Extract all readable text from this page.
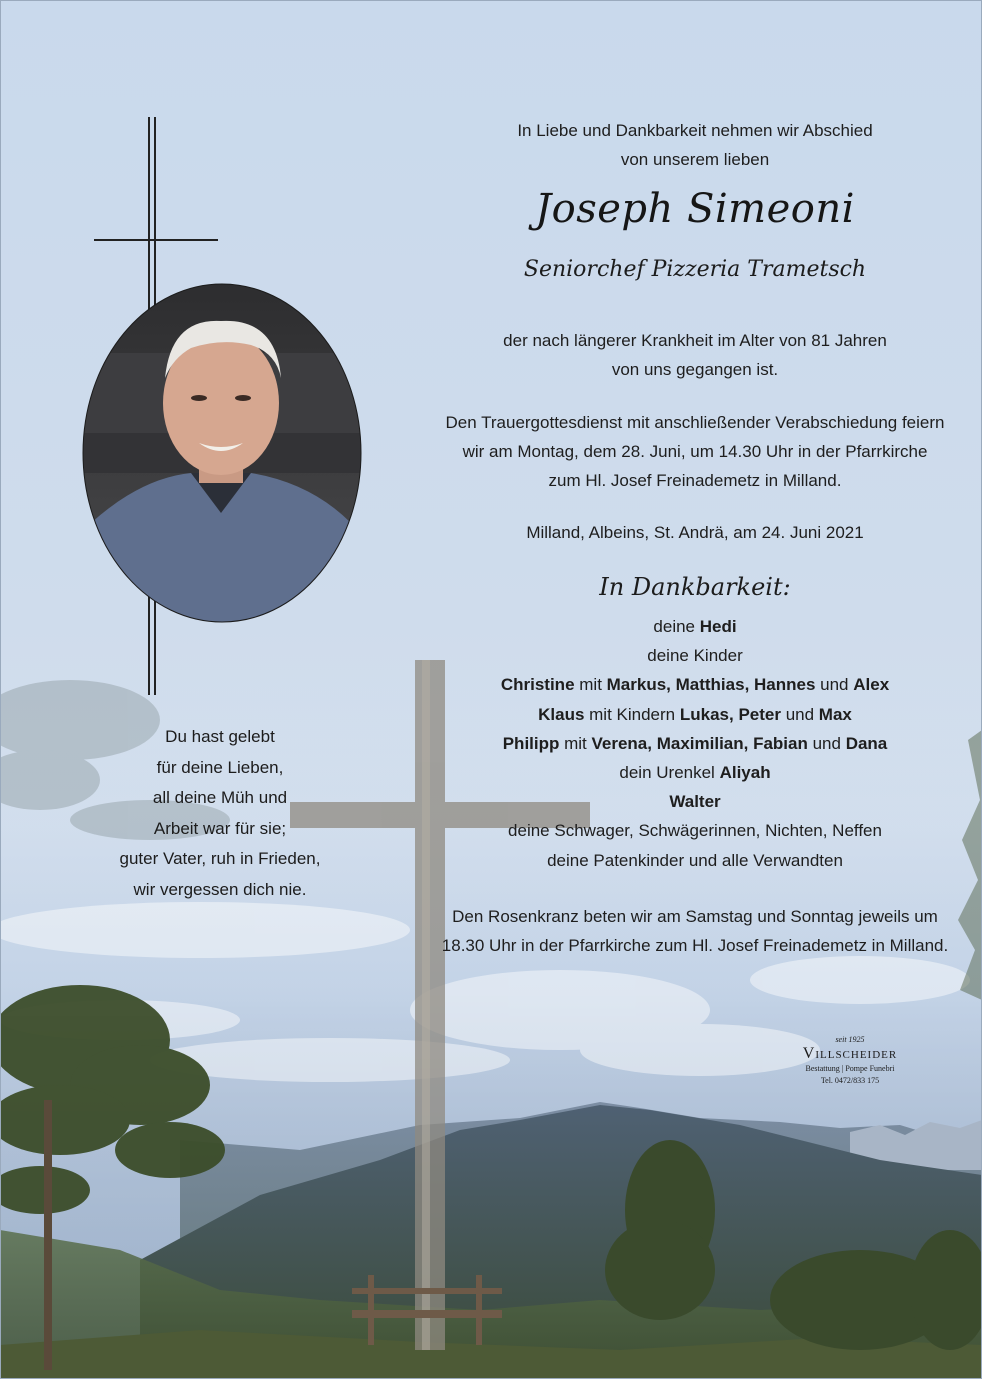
In Liebe und Dankbarkeit nehmen wir Abschied
von unserem lieben
Joseph Simeoni
Seniorchef Pizzeria Trametsch
der nach längerer Krankheit im Alter von 81 Jahren
von uns gegangen ist.
Den Trauergottesdienst mit anschließender Verabschiedung feiern
wir am Montag, dem 28. Juni, um 14.30 Uhr in der Pfarrkirche
zum Hl. Josef Freinademetz in Milland.
Milland, Albeins, St. Andrä, am 24. Juni 2021
In Dankbarkeit:
deine Hedi
deine Kinder
Christine mit Markus, Matthias, Hannes und Alex
Klaus mit Kindern Lukas, Peter und Max
Philipp mit Verena, Maximilian, Fabian und Dana
dein Urenkel Aliyah
Walter
deine Schwager, Schwägerinnen, Nichten, Neffen
deine Patenkinder und alle Verwandten
Den Rosenkranz beten wir am Samstag und Sonntag jeweils um
18.30 Uhr in der Pfarrkirche zum Hl. Josef Freinademetz in Milland.
Du hast gelebt
für deine Lieben,
all deine Müh und
Arbeit war für sie;
guter Vater, ruh in Frieden,
wir vergessen dich nie.
seit 1925
Villscheider
Bestattung | Pompe Funebri
Tel. 0472/833 175
